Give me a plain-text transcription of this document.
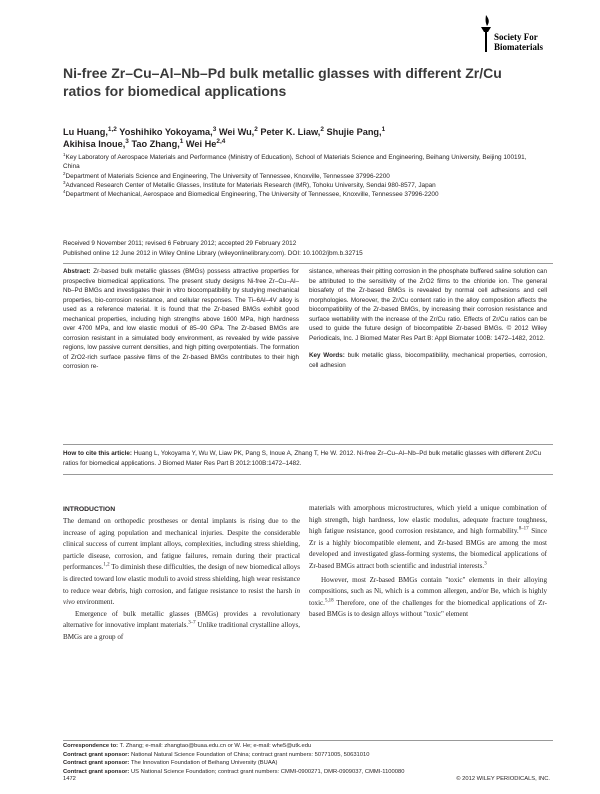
Society For
Biomaterials
Ni-free Zr–Cu–Al–Nb–Pd bulk metallic glasses with different Zr/Cu ratios for biomedical applications
Lu Huang,$^{1,2}$ Yoshihiko Yokoyama,$^3$ Wei Wu,$^2$ Peter K. Liaw,$^2$ Shujie Pang,$^1$
Akihisa Inoue,$^3$ Tao Zhang,$^1$ Wei He$^{2,4}$

$^1$Key Laboratory of Aerospace Materials and Performance (Ministry of Education), School of Materials Science and Engineering, Beihang University, Beijing 100191, China

$^2$Department of Materials Science and Engineering, The University of Tennessee, Knoxville, Tennessee 37996-2200

$^3$Advanced Research Center of Metallic Glasses, Institute for Materials Research (IMR), Tohoku University, Sendai 980-8577, Japan

$^4$Department of Mechanical, Aerospace and Biomedical Engineering, The University of Tennessee, Knoxville, Tennessee 37996-2200

Received 9 November 2011; revised 6 February 2012; accepted 29 February 2012
Published online 12 June 2012 in Wiley Online Library (wileyonlinelibrary.com). DOI: 10.1002/jbm.b.32715

Abstract: Zr-based bulk metallic glasses (BMGs) possess attractive properties for prospective biomedical applications. The present study designs Ni-free Zr–Cu–Al–Nb–Pd BMGs and investigates their in vitro biocompatibility by studying mechanical properties, bio-corrosion resistance, and cellular responses. The Ti–6Al–4V alloy is used as a reference material. It is found that the Zr-based BMGs exhibit good mechanical properties, including high strengths above 1600 MPa, high hardness over 4700 MPa, and low elastic moduli of 85–90 GPa. The Zr-based BMGs are corrosion resistant in a simulated body environment, as revealed by wide passive regions, low passive current densities, and high pitting overpotentials. The formation of ZrO2-rich surface passive films of the Zr-based BMGs contributes to their high corrosion re-

sistance, whereas their pitting corrosion in the phosphate buffered saline solution can be attributed to the sensitivity of the ZrO2 films to the chloride ion. The general biosafety of the Zr-based BMGs is revealed by normal cell adhesions and cell morphologies. Moreover, the Zr/Cu content ratio in the alloy composition affects the biocompatibility of the Zr-based BMGs, by increasing their corrosion resistance and surface wettability with the increase of the Zr/Cu ratio. Effects of Zr/Cu ratios can be used to guide the future design of biocompatible Zr-based BMGs. © 2012 Wiley Periodicals, Inc. J Biomed Mater Res Part B: Appl Biomater 100B: 1472–1482, 2012.

Key Words: bulk metallic glass, biocompatibility, mechanical properties, corrosion, cell adhesion

How to cite this article: Huang L, Yokoyama Y, Wu W, Liaw PK, Pang S, Inoue A, Zhang T, He W. 2012. Ni-free Zr–Cu–Al–Nb–Pd bulk metallic glasses with different Zr/Cu ratios for biomedical applications. J Biomed Mater Res Part B 2012:100B:1472–1482.
INTRODUCTION

The demand on orthopedic prostheses or dental implants is rising due to the increase of aging population and mechanical injuries. Despite the considerable clinical success of current implant alloys, complexities, including stress shielding, particle disease, corrosion, and fatigue failures, remain during their practical performances.$^{1,2}$ To diminish these difficulties, the design of new biomedical alloys is directed toward low elastic moduli to avoid stress shielding, high wear resistance to reduce wear debris, high corrosion, and fatigue resistance to resist the harsh in vivo environment.

Emergence of bulk metallic glasses (BMGs) provides a revolutionary alternative for innovative implant materials.$^{3-7}$ Unlike traditional crystalline alloys, BMGs are a group of

materials with amorphous microstructures, which yield a unique combination of high strength, high hardness, low elastic modulus, adequate fracture toughness, high fatigue resistance, good corrosion resistance, and high formability.$^{8-17}$ Since Zr is a highly biocompatible element, and Zr-based BMGs are among the most developed and investigated glass-forming systems, the biomedical applications of Zr-based BMGs attract both scientific and industrial interests.$^3$

However, most Zr-based BMGs contain "toxic" elements in their alloying compositions, such as Ni, which is a common allergen, and/or Be, which is highly toxic.$^{5,18}$ Therefore, one of the challenges for the biomedical applications of Zr-based BMGs is to design alloys without "toxic" element

Correspondence to: T. Zhang; e-mail: zhangtao@buaa.edu.cn or W. He; e-mail: whe5@utk.edu
Contract grant sponsor: National Natural Science Foundation of China; contract grant numbers: 50771005, 50631010
Contract grant sponsor: The Innovation Foundation of Beihang University (BUAA)
Contract grant sponsor: US National Science Foundation; contract grant numbers: CMMI-0900271, DMR-0909037, CMMI-1100080
1472	© 2012 WILEY PERIODICALS, INC.
